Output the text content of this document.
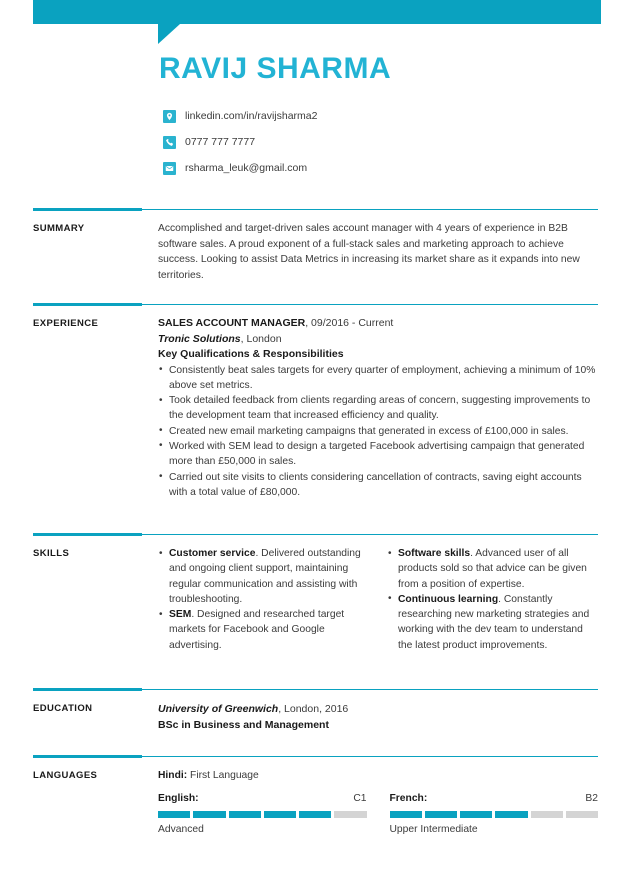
RAVIJ SHARMA
linkedin.com/in/ravijsharma2
0777 777 7777
rsharma_leuk@gmail.com
SUMMARY	Accomplished and target-driven sales account manager with 4 years of experience in B2B software sales. A proud exponent of a full-stack sales and marketing approach to achieve success. Looking to assist Data Metrics in increasing its market share as it expands into new territories.
EXPERIENCE	SALES ACCOUNT MANAGER, 09/2016 - Current
Tronic Solutions, London
Key Qualifications & Responsibilities
• Consistently beat sales targets for every quarter of employment, achieving a minimum of 10% above set metrics.
• Took detailed feedback from clients regarding areas of concern, suggesting improvements to the development team that increased efficiency and quality.
• Created new email marketing campaigns that generated in excess of £100,000 in sales.
• Worked with SEM lead to design a targeted Facebook advertising campaign that generated more than £50,000 in sales.
• Carried out site visits to clients considering cancellation of contracts, saving eight accounts with a total value of £80,000.
SKILLS	• Customer service. Delivered outstanding and ongoing client support, maintaining regular communication and assisting with troubleshooting.
• SEM. Designed and researched target markets for Facebook and Google advertising.
• Software skills. Advanced user of all products sold so that advice can be given from a position of expertise.
• Continuous learning. Constantly researching new marketing strategies and working with the dev team to understand the latest product improvements.
EDUCATION	University of Greenwich, London, 2016
BSc in Business and Management
LANGUAGES	Hindi: First Language
English:	C1
Advanced
French:	B2
Upper Intermediate
